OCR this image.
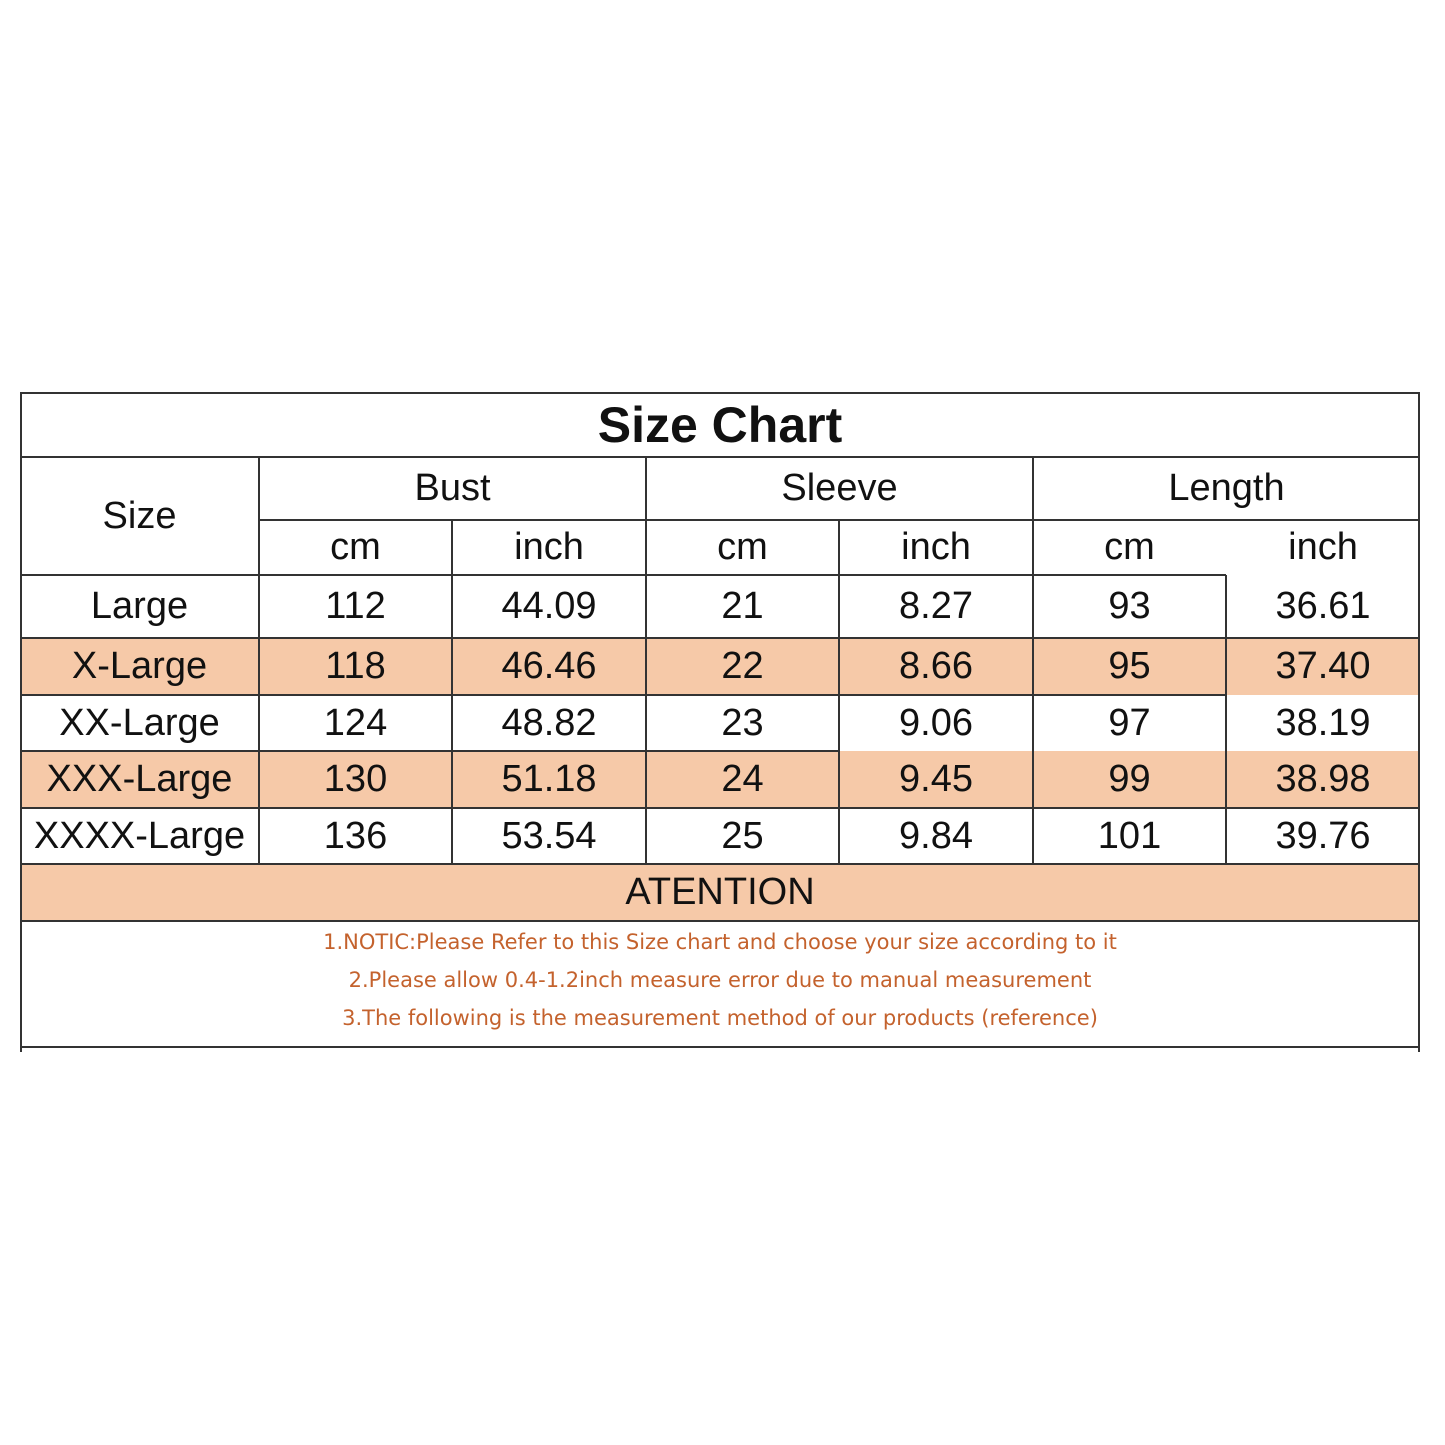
Size Chart
Size
Bust	Sleeve	Length
cm	inch	cm	inch	cm	inch
Large	112	44.09	21	8.27	93	36.61
X-Large	118	46.46	22	8.66	95	37.40
XX-Large	124	48.82	23	9.06	97	38.19
XXX-Large	130	51.18	24	9.45	99	38.98
XXXX-Large	136	53.54	25	9.84	101	39.76
ATENTION
1.NOTIC:Please Refer to this Size chart and choose your size according to it
2.Please allow 0.4-1.2inch measure error due to manual measurement
3.The following is the measurement method of our products (reference)
